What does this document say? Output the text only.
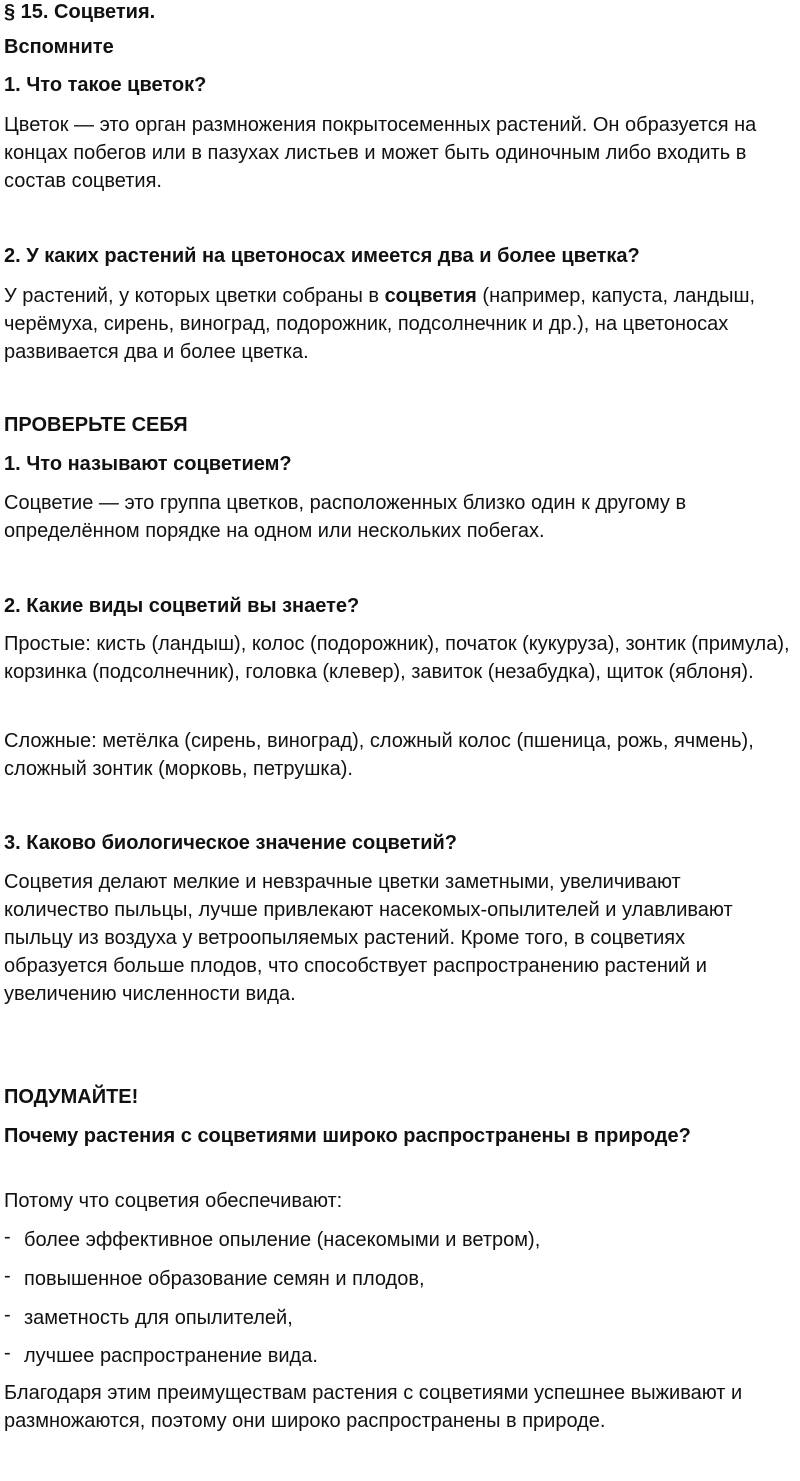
§ 15. Соцветия.
Вспомните
1. Что такое цветок?
Цветок — это орган размножения покрытосеменных растений. Он образуется на концах побегов или в пазухах листьев и может быть одиночным либо входить в состав соцветия.
2. У каких растений на цветоносах имеется два и более цветка?
У растений, у которых цветки собраны в соцветия (например, капуста, ландыш, черёмуха, сирень, виноград, подорожник, подсолнечник и др.), на цветоносах развивается два и более цветка.
ПРОВЕРЬТЕ СЕБЯ
1. Что называют соцветием?
Соцветие — это группа цветков, расположенных близко один к другому в определённом порядке на одном или нескольких побегах.
2. Какие виды соцветий вы знаете?
Простые: кисть (ландыш), колос (подорожник), початок (кукуруза), зонтик (примула), корзинка (подсолнечник), головка (клевер), завиток (незабудка), щиток (яблоня).
Сложные: метёлка (сирень, виноград), сложный колос (пшеница, рожь, ячмень), сложный зонтик (морковь, петрушка).
3. Каково биологическое значение соцветий?
Соцветия делают мелкие и невзрачные цветки заметными, увеличивают количество пыльцы, лучше привлекают насекомых-опылителей и улавливают пыльцу из воздуха у ветроопыляемых растений. Кроме того, в соцветиях образуется больше плодов, что способствует распространению растений и увеличению численности вида.
ПОДУМАЙТЕ!
Почему растения с соцветиями широко распространены в природе?
Потому что соцветия обеспечивают:
- более эффективное опыление (насекомыми и ветром),
- повышенное образование семян и плодов,
- заметность для опылителей,
- лучшее распространение вида.
Благодаря этим преимуществам растения с соцветиями успешнее выживают и размножаются, поэтому они широко распространены в природе.
